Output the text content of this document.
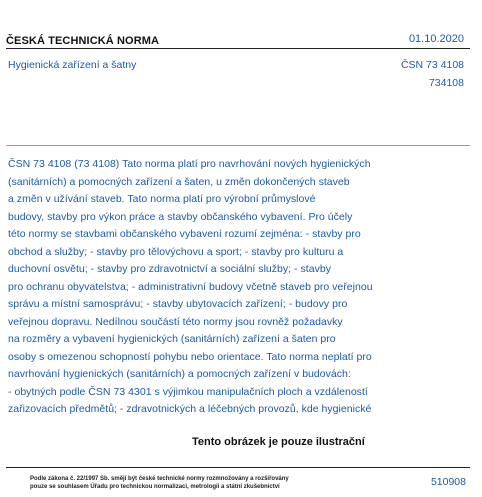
ČESKÁ TECHNICKÁ NORMA	01.10.2020
Hygienická zařízení a šatny	ČSN 73 4108
734108
ČSN 73 4108 (73 4108) Tato norma platí pro navrhování nových hygienických
(sanitárních) a pomocných zařízení a šaten, u změn dokončených staveb
a změn v užívání staveb. Tato norma platí pro výrobní průmyslové
budovy, stavby pro výkon práce a stavby občanského vybavení. Pro účely
této normy se stavbami občanského vybavení rozumí zejména: - stavby pro
obchod a služby; - stavby pro tělovýchovu a sport; - stavby pro kulturu a
duchovní osvětu; - stavby pro zdravotnictví a sociální služby; - stavby
pro ochranu obyvatelstva; - administrativní budovy včetně staveb pro veřejnou
správu a místní samosprávu; - stavby ubytovacích zařízení; - budovy pro
veřejnou dopravu. Nedílnou součástí této normy jsou rovněž požadavky
na rozměry a vybavení hygienických (sanitárních) zařízení a šaten pro
osoby s omezenou schopností pohybu nebo orientace. Tato norma neplatí pro
navrhování hygienických (sanitárních) a pomocných zařízení v budovách:
- obytných podle ČSN 73 4301 s výjimkou manipulačních ploch a vzdáleností
zařizovacích předmětů; - zdravotnických a léčebných provozů, kde hygienické
Tento obrázek je pouze ilustrační
Podle zákona č. 22/1997 Sb. smějí být české technické normy rozmnožovány a rozšiřovány
pouze se souhlasem Úřadu pro technickou normalizaci, metrologii a státní zkušebnictví	510908
